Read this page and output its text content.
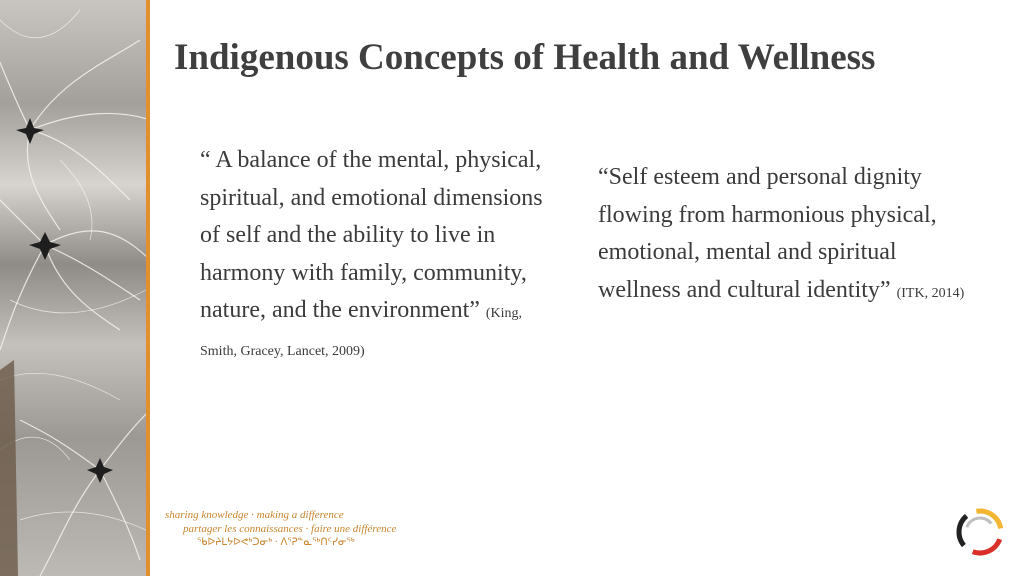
Indigenous Concepts of Health and Wellness
“ A balance of the mental, physical, spiritual, and emotional dimensions of self and the ability to live in harmony with family, community, nature, and the environment” (King, Smith, Gracey, Lancet, 2009)
“Self esteem and personal dignity flowing from harmonious physical, emotional, mental and spiritual wellness and cultural identity” (ITK, 2014)
sharing knowledge · making a difference
partager les connaissances · faire une différence
ᖃᐅᔨᒪᔭᐅᕙᒃᑐᓂᒃ · ᐱᕐᕈᓐᓇᖅᑎᑦᓯᓂᖅ
